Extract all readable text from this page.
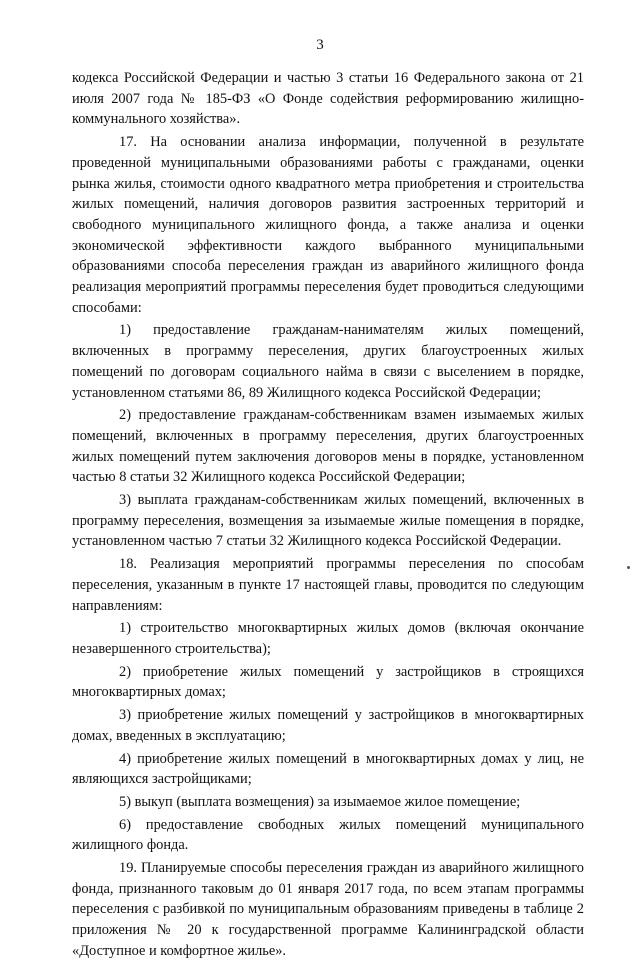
3

кодекса Российской Федерации и частью 3 статьи 16 Федерального закона от 21 июля 2007 года № 185-ФЗ «О Фонде содействия реформированию жилищно-коммунального хозяйства».

17. На основании анализа информации, полученной в результате проведенной муниципальными образованиями работы с гражданами, оценки рынка жилья, стоимости одного квадратного метра приобретения и строительства жилых помещений, наличия договоров развития застроенных территорий и свободного муниципального жилищного фонда, а также анализа и оценки экономической эффективности каждого выбранного муниципальными образованиями способа переселения граждан из аварийного жилищного фонда реализация мероприятий программы переселения будет проводиться следующими способами:

1) предоставление гражданам-нанимателям жилых помещений, включенных в программу переселения, других благоустроенных жилых помещений по договорам социального найма в связи с выселением в порядке, установленном статьями 86, 89 Жилищного кодекса Российской Федерации;

2) предоставление гражданам-собственникам взамен изымаемых жилых помещений, включенных в программу переселения, других благоустроенных жилых помещений путем заключения договоров мены в порядке, установленном частью 8 статьи 32 Жилищного кодекса Российской Федерации;

3) выплата гражданам-собственникам жилых помещений, включенных в программу переселения, возмещения за изымаемые жилые помещения в порядке, установленном частью 7 статьи 32 Жилищного кодекса Российской Федерации.

18. Реализация мероприятий программы переселения по способам переселения, указанным в пункте 17 настоящей главы, проводится по следующим направлениям:

1) строительство многоквартирных жилых домов (включая окончание незавершенного строительства);

2) приобретение жилых помещений у застройщиков в строящихся многоквартирных домах;

3) приобретение жилых помещений у застройщиков в многоквартирных домах, введенных в эксплуатацию;

4) приобретение жилых помещений в многоквартирных домах у лиц, не являющихся застройщиками;

5) выкуп (выплата возмещения) за изымаемое жилое помещение;

6) предоставление свободных жилых помещений муниципального жилищного фонда.

19. Планируемые способы переселения граждан из аварийного жилищного фонда, признанного таковым до 01 января 2017 года, по всем этапам программы переселения с разбивкой по муниципальным образованиям приведены в таблице 2 приложения № 20 к государственной программе Калининградской области «Доступное и комфортное жилье».
